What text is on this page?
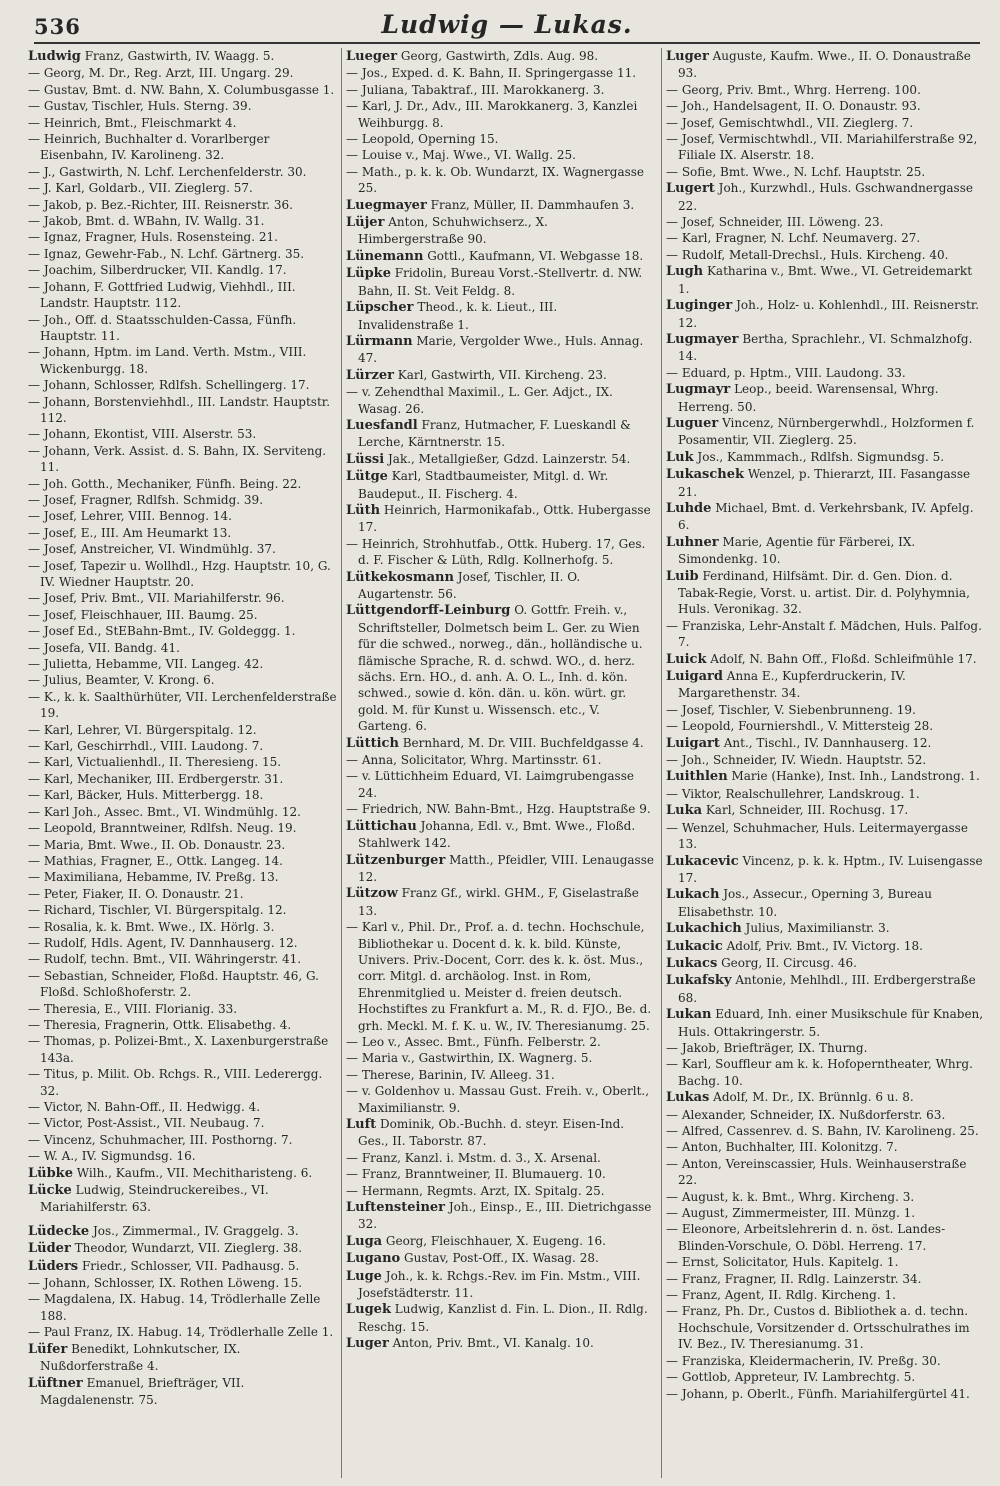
536	Ludwig — Lukas.

Ludwig Franz, Gastwirth, IV. Waagg. 5.

— Georg, M. Dr., Reg. Arzt, III. Ungarg. 29.

— Gustav, Bmt. d. NW. Bahn, X. Columbusgasse 1.

— Gustav, Tischler, Huls. Sterng. 39.

— Heinrich, Bmt., Fleischmarkt 4.

— Heinrich, Buchhalter d. Vorarlberger Eisenbahn, IV. Karolineng. 32.

— J., Gastwirth, N. Lchf. Lerchenfelderstr. 30.

— J. Karl, Goldarb., VII. Zieglerg. 57.

— Jakob, p. Bez.-Richter, III. Reisnerstr. 36.

— Jakob, Bmt. d. WBahn, IV. Wallg. 31.

— Ignaz, Fragner, Huls. Rosensteing. 21.

— Ignaz, Gewehr-Fab., N. Lchf. Gärtnerg. 35.

— Joachim, Silberdrucker, VII. Kandlg. 17.

— Johann, F. Gottfried Ludwig, Viehhdl., III. Landstr. Hauptstr. 112.

— Joh., Off. d. Staatsschulden-Cassa, Fünfh. Hauptstr. 11.

— Johann, Hptm. im Land. Verth. Mstm., VIII. Wickenburgg. 18.

— Johann, Schlosser, Rdlfsh. Schellingerg. 17.

— Johann, Borstenviehhdl., III. Landstr. Hauptstr. 112.

— Johann, Ekontist, VIII. Alserstr. 53.

— Johann, Verk. Assist. d. S. Bahn, IX. Serviteng. 11.

— Joh. Gotth., Mechaniker, Fünfh. Being. 22.

— Josef, Fragner, Rdlfsh. Schmidg. 39.

— Josef, Lehrer, VIII. Bennog. 14.

— Josef, E., III. Am Heumarkt 13.

— Josef, Anstreicher, VI. Windmühlg. 37.

— Josef, Tapezir u. Wollhdl., Hzg. Hauptstr. 10, G. IV. Wiedner Hauptstr. 20.

— Josef, Priv. Bmt., VII. Mariahilferstr. 96.

— Josef, Fleischhauer, III. Baumg. 25.

— Josef Ed., StEBahn-Bmt., IV. Goldeggg. 1.

— Josefa, VII. Bandg. 41.

— Julietta, Hebamme, VII. Langeg. 42.

— Julius, Beamter, V. Krong. 6.

— K., k. k. Saalthürhüter, VII. Lerchenfelderstraße 19.

— Karl, Lehrer, VI. Bürgerspitalg. 12.

— Karl, Geschirrhdl., VIII. Laudong. 7.

— Karl, Victualienhdl., II. Theresieng. 15.

— Karl, Mechaniker, III. Erdbergerstr. 31.

— Karl, Bäcker, Huls. Mitterbergg. 18.

— Karl Joh., Assec. Bmt., VI. Windmühlg. 12.

— Leopold, Branntweiner, Rdlfsh. Neug. 19.

— Maria, Bmt. Wwe., II. Ob. Donaustr. 23.

— Mathias, Fragner, E., Ottk. Langeg. 14.

— Maximiliana, Hebamme, IV. Preßg. 13.

— Peter, Fiaker, II. O. Donaustr. 21.

— Richard, Tischler, VI. Bürgerspitalg. 12.

— Rosalia, k. k. Bmt. Wwe., IX. Hörlg. 3.

— Rudolf, Hdls. Agent, IV. Dannhauserg. 12.

— Rudolf, techn. Bmt., VII. Währingerstr. 41.

— Sebastian, Schneider, Floßd. Hauptstr. 46, G. Floßd. Schloßhoferstr. 2.

— Theresia, E., VIII. Florianig. 33.

— Theresia, Fragnerin, Ottk. Elisabethg. 4.

— Thomas, p. Polizei-Bmt., X. Laxenburgerstraße 143a.

— Titus, p. Milit. Ob. Rchgs. R., VIII. Lederergg. 32.

— Victor, N. Bahn-Off., II. Hedwigg. 4.

— Victor, Post-Assist., VII. Neubaug. 7.

— Vincenz, Schuhmacher, III. Posthorng. 7.

— W. A., IV. Sigmundsg. 16.

Lübke Wilh., Kaufm., VII. Mechitharisteng. 6.

Lücke Ludwig, Steindruckereibes., VI. Mariahilferstr. 63.

Lüdecke Jos., Zimmermal., IV. Graggelg. 3.

Lüder Theodor, Wundarzt, VII. Zieglerg. 38.

Lüders Friedr., Schlosser, VII. Padhausg. 5.

— Johann, Schlosser, IX. Rothen Löweng. 15.

— Magdalena, IX. Habug. 14, Trödlerhalle Zelle 188.

— Paul Franz, IX. Habug. 14, Trödlerhalle Zelle 1.

Lüfer Benedikt, Lohnkutscher, IX. Nußdorferstraße 4.

Lüftner Emanuel, Briefträger, VII. Magdalenenstr. 75.

Lueger Georg, Gastwirth, Zdls. Aug. 98.

— Jos., Exped. d. K. Bahn, II. Springergasse 11.

— Juliana, Tabaktraf., III. Marokkanerg. 3.

— Karl, J. Dr., Adv., III. Marokkanerg. 3, Kanzlei Weihburgg. 8.

— Leopold, Operning 15.

— Louise v., Maj. Wwe., VI. Wallg. 25.

— Math., p. k. k. Ob. Wundarzt, IX. Wagnergasse 25.

Luegmayer Franz, Müller, II. Dammhaufen 3.

Lüjer Anton, Schuhwichserz., X. Himbergerstraße 90.

Lünemann Gottl., Kaufmann, VI. Webgasse 18.

Lüpke Fridolin, Bureau Vorst.-Stellvertr. d. NW. Bahn, II. St. Veit Feldg. 8.

Lüpscher Theod., k. k. Lieut., III. Invalidenstraße 1.

Lürmann Marie, Vergolder Wwe., Huls. Annag. 47.

Lürzer Karl, Gastwirth, VII. Kircheng. 23.

— v. Zehendthal Maximil., L. Ger. Adjct., IX. Wasag. 26.

Luesfandl Franz, Hutmacher, F. Lueskandl & Lerche, Kärntnerstr. 15.

Lüssi Jak., Metallgießer, Gdzd. Lainzerstr. 54.

Lütge Karl, Stadtbaumeister, Mitgl. d. Wr. Baudeput., II. Fischerg. 4.

Lüth Heinrich, Harmonikafab., Ottk. Hubergasse 17.

— Heinrich, Strohhutfab., Ottk. Huberg. 17, Ges. d. F. Fischer & Lüth, Rdlg. Kollnerhofg. 5.

Lütkekosmann Josef, Tischler, II. O. Augartenstr. 56.

Lüttgendorff-Leinburg O. Gottfr. Freih. v., Schriftsteller, Dolmetsch beim L. Ger. zu Wien für die schwed., norweg., dän., holländische u. flämische Sprache, R. d. schwd. WO., d. herz. sächs. Ern. HO., d. anh. A. O. L., Inh. d. kön. schwed., sowie d. kön. dän. u. kön. würt. gr. gold. M. für Kunst u. Wissensch. etc., V. Garteng. 6.

Lüttich Bernhard, M. Dr. VIII. Buchfeldgasse 4.

— Anna, Solicitator, Whrg. Martinsstr. 61.

— v. Lüttichheim Eduard, VI. Laimgrubengasse 24.

— Friedrich, NW. Bahn-Bmt., Hzg. Hauptstraße 9.

Lüttichau Johanna, Edl. v., Bmt. Wwe., Floßd. Stahlwerk 142.

Lützenburger Matth., Pfeidler, VIII. Lenaugasse 12.

Lützow Franz Gf., wirkl. GHM., F, Giselastraße 13.

— Karl v., Phil. Dr., Prof. a. d. techn. Hochschule, Bibliothekar u. Docent d. k. k. bild. Künste, Univers. Priv.-Docent, Corr. des k. k. öst. Mus., corr. Mitgl. d. archäolog. Inst. in Rom, Ehrenmitglied u. Meister d. freien deutsch. Hochstiftes zu Frankfurt a. M., R. d. FJO., Be. d. grh. Meckl. M. f. K. u. W., IV. Theresianumg. 25.

— Leo v., Assec. Bmt., Fünfh. Felberstr. 2.

— Maria v., Gastwirthin, IX. Wagnerg. 5.

— Therese, Barinin, IV. Alleeg. 31.

— v. Goldenhov u. Massau Gust. Freih. v., Oberlt., Maximilianstr. 9.

Luft Dominik, Ob.-Buchh. d. steyr. Eisen-Ind. Ges., II. Taborstr. 87.

— Franz, Kanzl. i. Mstm. d. 3., X. Arsenal.

— Franz, Branntweiner, II. Blumauerg. 10.

— Hermann, Regmts. Arzt, IX. Spitalg. 25.

Luftensteiner Joh., Einsp., E., III. Dietrichgasse 32.

Luga Georg, Fleischhauer, X. Eugeng. 16.

Lugano Gustav, Post-Off., IX. Wasag. 28.

Luge Joh., k. k. Rchgs.-Rev. im Fin. Mstm., VIII. Josefstädterstr. 11.

Lugek Ludwig, Kanzlist d. Fin. L. Dion., II. Rdlg. Reschg. 15.

Luger Anton, Priv. Bmt., VI. Kanalg. 10.

Luger Auguste, Kaufm. Wwe., II. O. Donaustraße 93.

— Georg, Priv. Bmt., Whrg. Herreng. 100.

— Joh., Handelsagent, II. O. Donaustr. 93.

— Josef, Gemischtwhdl., VII. Zieglerg. 7.

— Josef, Vermischtwhdl., VII. Mariahilferstraße 92, Filiale IX. Alserstr. 18.

— Sofie, Bmt. Wwe., N. Lchf. Hauptstr. 25.

Lugert Joh., Kurzwhdl., Huls. Gschwandnergasse 22.

— Josef, Schneider, III. Löweng. 23.

— Karl, Fragner, N. Lchf. Neumaverg. 27.

— Rudolf, Metall-Drechsl., Huls. Kircheng. 40.

Lugh Katharina v., Bmt. Wwe., VI. Getreidemarkt 1.

Luginger Joh., Holz- u. Kohlenhdl., III. Reisnerstr. 12.

Lugmayer Bertha, Sprachlehr., VI. Schmalzhofg. 14.

— Eduard, p. Hptm., VIII. Laudong. 33.

Lugmayr Leop., beeid. Warensensal, Whrg. Herreng. 50.

Luguer Vincenz, Nürnbergerwhdl., Holzformen f. Posamentir, VII. Zieglerg. 25.

Luk Jos., Kammmach., Rdlfsh. Sigmundsg. 5.

Lukaschek Wenzel, p. Thierarzt, III. Fasangasse 21.

Luhde Michael, Bmt. d. Verkehrsbank, IV. Apfelg. 6.

Luhner Marie, Agentie für Färberei, IX. Simondenkg. 10.

Luib Ferdinand, Hilfsämt. Dir. d. Gen. Dion. d. Tabak-Regie, Vorst. u. artist. Dir. d. Polyhymnia, Huls. Veronikag. 32.

— Franziska, Lehr-Anstalt f. Mädchen, Huls. Palfog. 7.

Luick Adolf, N. Bahn Off., Floßd. Schleifmühle 17.

Luigard Anna E., Kupferdruckerin, IV. Margarethenstr. 34.

— Josef, Tischler, V. Siebenbrunneng. 19.

— Leopold, Fourniershdl., V. Mittersteig 28.

Luigart Ant., Tischl., IV. Dannhauserg. 12.

— Joh., Schneider, IV. Wiedn. Hauptstr. 52.

Luithlen Marie (Hanke), Inst. Inh., Landstrong. 1.

— Viktor, Realschullehrer, Landskroug. 1.

Luka Karl, Schneider, III. Rochusg. 17.

— Wenzel, Schuhmacher, Huls. Leitermayergasse 13.

Lukacevic Vincenz, p. k. k. Hptm., IV. Luisengasse 17.

Lukach Jos., Assecur., Operning 3, Bureau Elisabethstr. 10.

Lukachich Julius, Maximilianstr. 3.

Lukacic Adolf, Priv. Bmt., IV. Victorg. 18.

Lukacs Georg, II. Circusg. 46.

Lukafsky Antonie, Mehlhdl., III. Erdbergerstraße 68.

Lukan Eduard, Inh. einer Musikschule für Knaben, Huls. Ottakringerstr. 5.

— Jakob, Briefträger, IX. Thurng.

— Karl, Souffleur am k. k. Hofoperntheater, Whrg. Bachg. 10.

Lukas Adolf, M. Dr., IX. Brünnlg. 6 u. 8.

— Alexander, Schneider, IX. Nußdorferstr. 63.

— Alfred, Cassenrev. d. S. Bahn, IV. Karolineng. 25.

— Anton, Buchhalter, III. Kolonitzg. 7.

— Anton, Vereinscassier, Huls. Weinhauserstraße 22.

— August, k. k. Bmt., Whrg. Kircheng. 3.

— August, Zimmermeister, III. Münzg. 1.

— Eleonore, Arbeitslehrerin d. n. öst. Landes-Blinden-Vorschule, O. Döbl. Herreng. 17.

— Ernst, Solicitator, Huls. Kapitelg. 1.

— Franz, Fragner, II. Rdlg. Lainzerstr. 34.

— Franz, Agent, II. Rdlg. Kircheng. 1.

— Franz, Ph. Dr., Custos d. Bibliothek a. d. techn. Hochschule, Vorsitzender d. Ortsschulrathes im IV. Bez., IV. Theresianumg. 31.

— Franziska, Kleidermacherin, IV. Preßg. 30.

— Gottlob, Appreteur, IV. Lambrechtg. 5.

— Johann, p. Oberlt., Fünfh. Mariahilfergürtel 41.
